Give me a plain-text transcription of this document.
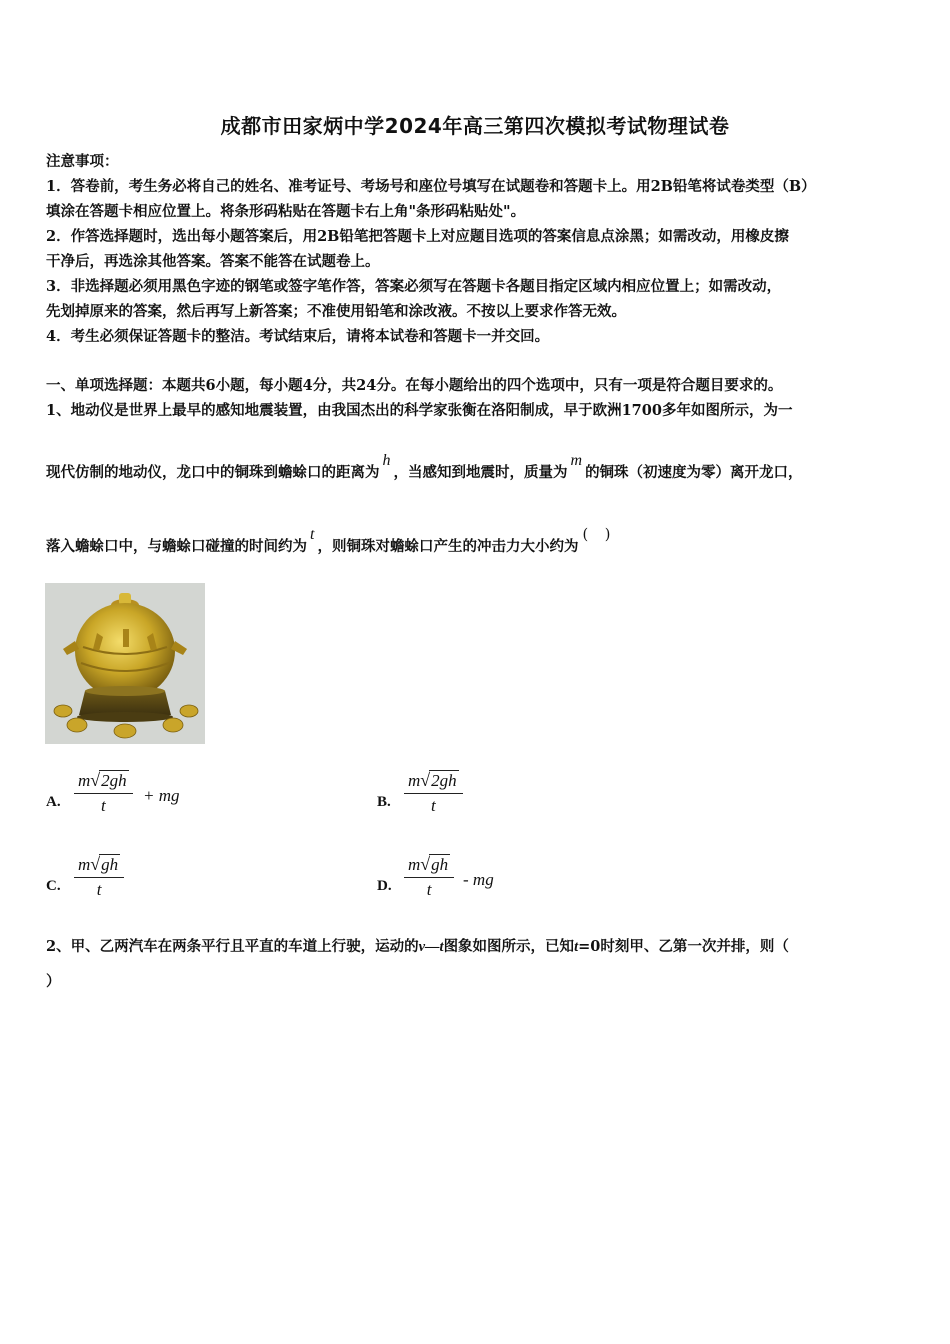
成都市田家炳中学2024年高三第四次模拟考试物理试卷
注意事项：
1．答卷前，考生务必将自己的姓名、准考证号、考场号和座位号填写在试题卷和答题卡上。用2B铅笔将试卷类型（B）
填涂在答题卡相应位置上。将条形码粘贴在答题卡右上角"条形码粘贴处"。
2．作答选择题时，选出每小题答案后，用2B铅笔把答题卡上对应题目选项的答案信息点涂黑；如需改动，用橡皮擦
干净后，再选涂其他答案。答案不能答在试题卷上。
3．非选择题必须用黑色字迹的钢笔或签字笔作答，答案必须写在答题卡各题目指定区域内相应位置上；如需改动，
先划掉原来的答案，然后再写上新答案；不准使用铅笔和涂改液。不按以上要求作答无效。
4．考生必须保证答题卡的整洁。考试结束后，请将本试卷和答题卡一并交回。
一、单项选择题：本题共6小题，每小题4分，共24分。在每小题给出的四个选项中，只有一项是符合题目要求的。
1、地动仪是世界上最早的感知地震装置，由我国杰出的科学家张衡在洛阳制成，早于欧洲1700多年如图所示，为一
现代仿制的地动仪，龙口中的铜珠到蟾蜍口的距离为h，当感知到地震时，质量为m的铜珠（初速度为零）离开龙口，
落入蟾蜍口中，与蟾蜍口碰撞的时间约为t，则铜珠对蟾蜍口产生的冲击力大小约为( )
A.
m√2gh
t
+ mg	B.
m√2gh
t
C.
m√gh
t	D.
m√gh
t
- mg
2、甲、乙两汽车在两条平行且平直的车道上行驶，运动的v—t图象如图所示，已知t=0时刻甲、乙第一次并排，则（
）
